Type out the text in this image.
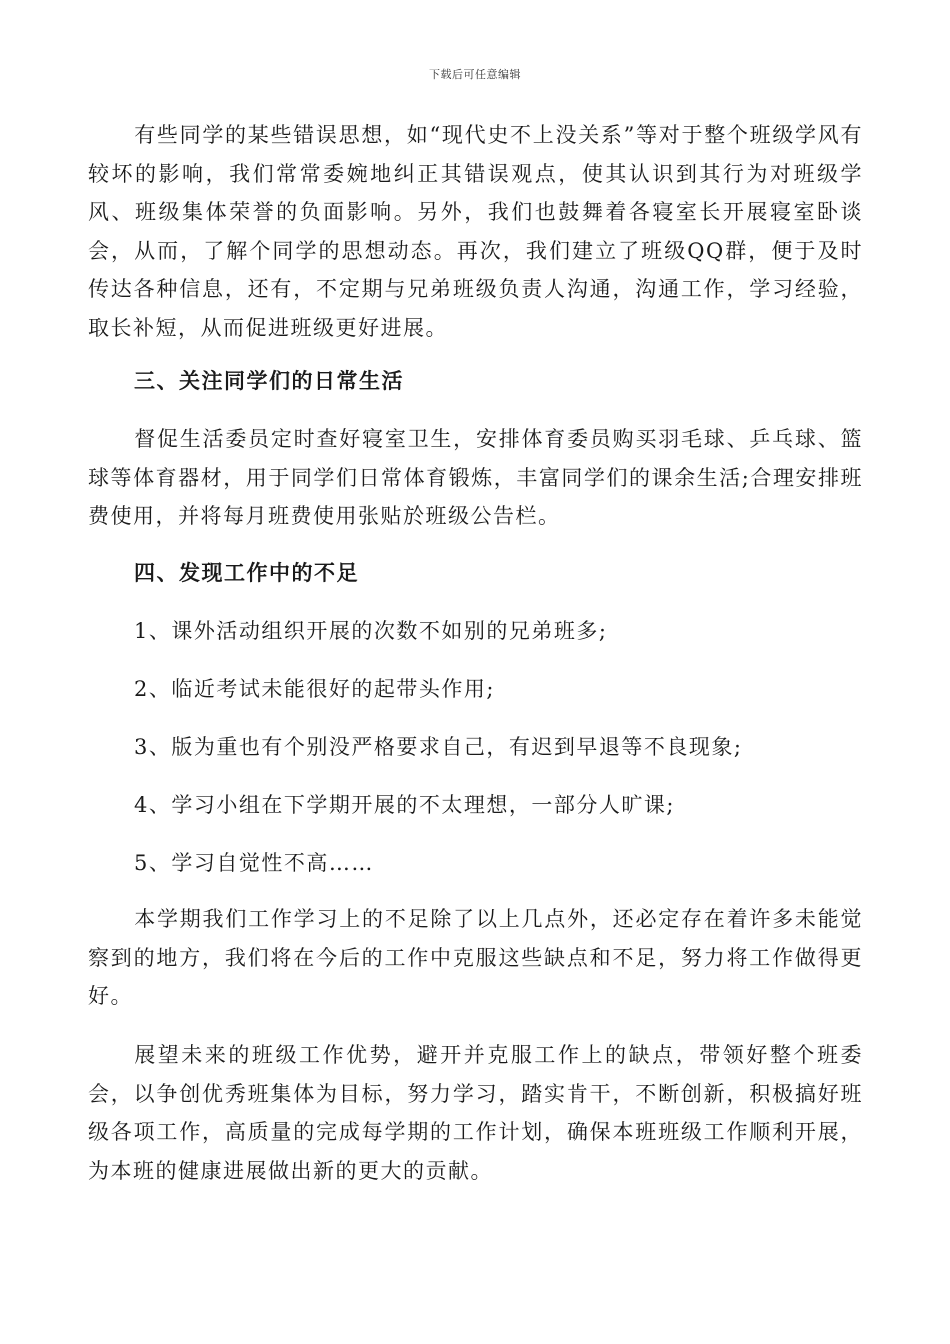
下载后可任意编辑

有些同学的某些错误思想，如“现代史不上没关系”等对于整个班级学风有较坏的影响，我们常常委婉地纠正其错误观点，使其认识到其行为对班级学风、班级集体荣誉的负面影响。另外，我们也鼓舞着各寝室长开展寝室卧谈会，从而，了解个同学的思想动态。再次，我们建立了班级QQ群，便于及时传达各种信息，还有，不定期与兄弟班级负责人沟通，沟通工作，学习经验，取长补短，从而促进班级更好进展。

三、关注同学们的日常生活

督促生活委员定时查好寝室卫生，安排体育委员购买羽毛球、乒乓球、篮球等体育器材，用于同学们日常体育锻炼，丰富同学们的课余生活;合理安排班费使用，并将每月班费使用张贴於班级公告栏。

四、发现工作中的不足

1、课外活动组织开展的次数不如别的兄弟班多;

2、临近考试未能很好的起带头作用;

3、版为重也有个别没严格要求自己，有迟到早退等不良现象;

4、学习小组在下学期开展的不太理想，一部分人旷课;

5、学习自觉性不高……

本学期我们工作学习上的不足除了以上几点外，还必定存在着许多未能觉察到的地方，我们将在今后的工作中克服这些缺点和不足，努力将工作做得更好。

展望未来的班级工作优势，避开并克服工作上的缺点，带领好整个班委会，以争创优秀班集体为目标，努力学习，踏实肯干，不断创新，积极搞好班级各项工作，高质量的完成每学期的工作计划，确保本班班级工作顺利开展，为本班的健康进展做出新的更大的贡献。
